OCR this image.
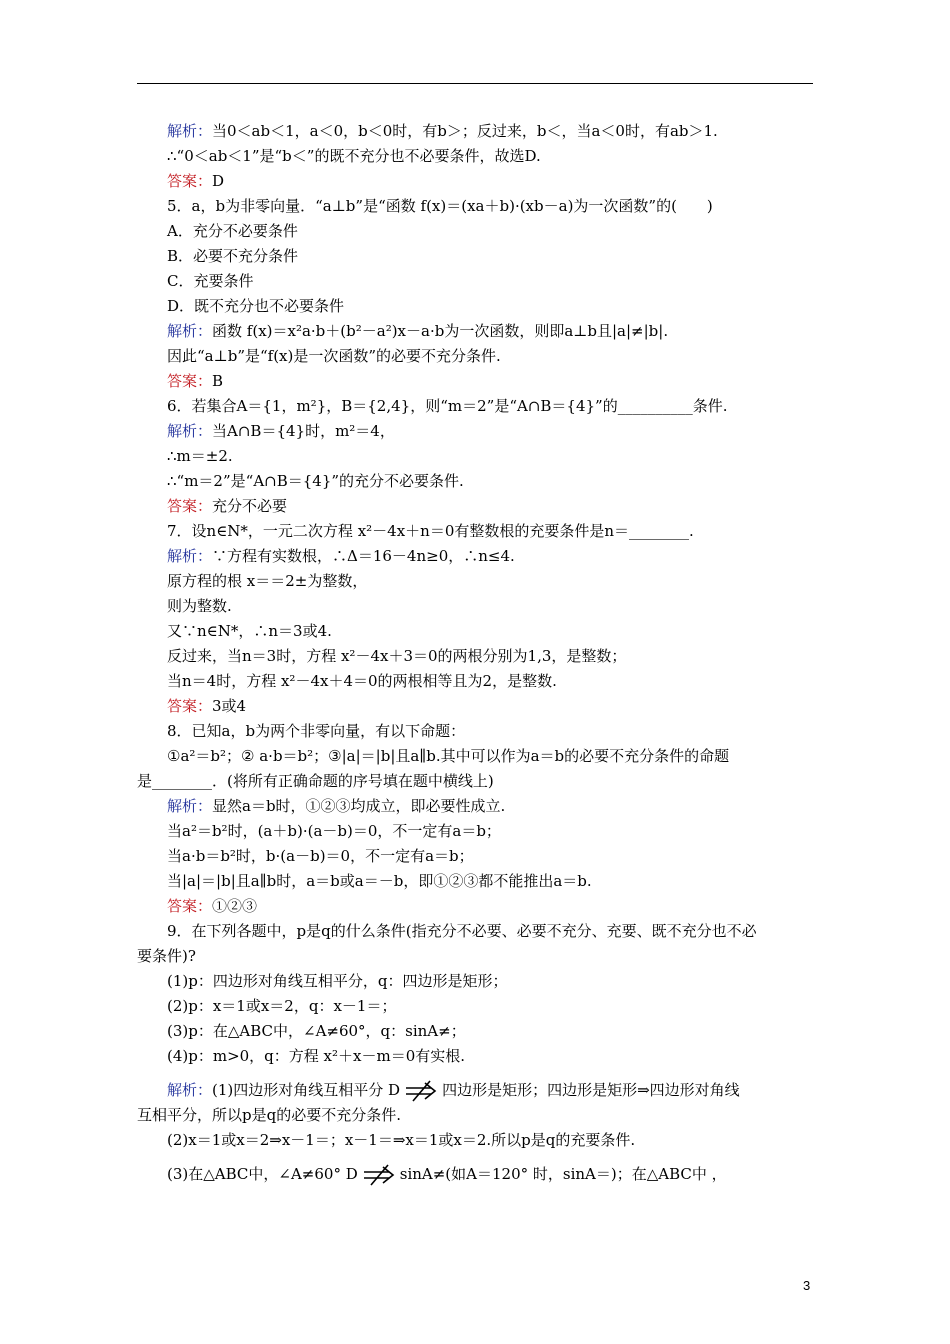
解析：当0＜ab＜1，a＜0，b＜0时，有b＞；反过来，b＜，当a＜0时，有ab＞1.
∴“0＜ab＜1”是“b＜”的既不充分也不必要条件，故选D.
答案：D
5．a，b为非零向量．“a⊥b”是“函数 f(x)＝(xa＋b)·(xb－a)为一次函数”的(　　)
A．充分不必要条件
B．必要不充分条件
C．充要条件
D．既不充分也不必要条件
解析：函数 f(x)＝x²a·b＋(b²－a²)x－a·b为一次函数，则即a⊥b且|a|≠|b|.
因此“a⊥b”是“f(x)是一次函数”的必要不充分条件.
答案：B
6．若集合A＝{1，m²}，B＝{2,4}，则“m＝2”是“A∩B＝{4}”的__________条件.
解析：当A∩B＝{4}时，m²＝4，
∴m＝±2.
∴“m＝2”是“A∩B＝{4}”的充分不必要条件.
答案：充分不必要
7．设n∈N*，一元二次方程 x²－4x＋n＝0有整数根的充要条件是n＝________.
解析：∵方程有实数根，∴Δ＝16－4n≥0，∴n≤4.
原方程的根 x＝＝2±为整数，
则为整数.
又∵n∈N*，∴n＝3或4.
反过来，当n＝3时，方程 x²－4x＋3＝0的两根分别为1,3，是整数；
当n＝4时，方程 x²－4x＋4＝0的两根相等且为2，是整数.
答案：3或4
8．已知a，b为两个非零向量，有以下命题：
①a²＝b²；② a·b＝b²；③|a|＝|b|且a∥b.其中可以作为a＝b的必要不充分条件的命题
是________．(将所有正确命题的序号填在题中横线上)
解析：显然a＝b时，①②③均成立，即必要性成立.
当a²＝b²时，(a＋b)·(a－b)＝0，不一定有a＝b；
当a·b＝b²时，b·(a－b)＝0，不一定有a＝b；
当|a|＝|b|且a∥b时，a＝b或a＝－b，即①②③都不能推出a＝b.
答案：①②③
9．在下列各题中，p是q的什么条件(指充分不必要、必要不充分、充要、既不充分也不必
要条件)?
(1)p：四边形对角线互相平分，q：四边形是矩形；
(2)p：x＝1或x＝2，q：x－1＝；
(3)p：在△ABC中，∠A≠60°，q：sinA≠；
(4)p：m>0，q：方程 x²＋x－m＝0有实根.
解析：(1)四边形对角线互相平分 D	四边形是矩形；四边形是矩形⇒四边形对角线
互相平分，所以p是q的必要不充分条件.
(2)x＝1或x＝2⇒x－1＝；x－1＝⇒x＝1或x＝2.所以p是q的充要条件.
(3)在△ABC中，∠A≠60° D	sinA≠(如A＝120° 时，sinA＝)；在△ABC中 ，
3
